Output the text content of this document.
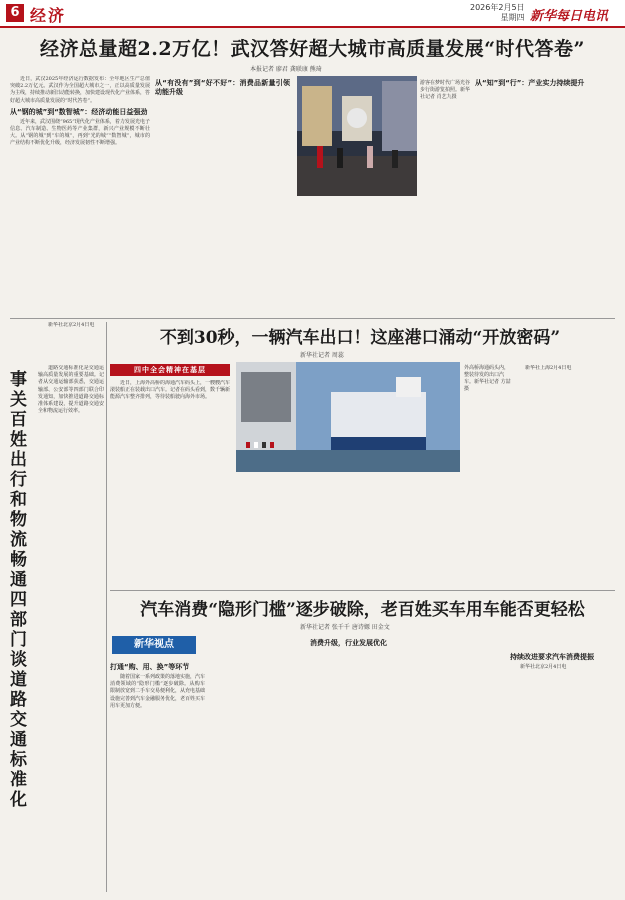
6 经济	2026年2月5日
星期四 新华每日电讯
经济总量超2.2万亿！武汉答好超大城市高质量发展“时代答卷”
本报记者 廖君 龚联康 熊琦

近日，武汉2025年经济运行数据发布：全年地区生产总值突破2.2万亿元。武汉作为全国超大城市之一，正以高质量发展为主线，持续推动新旧动能转换，加快建设现代化产业体系，答好超大城市高质量发展的“时代答卷”。

从“钢的城”到“数智城”：经济动能日益强劲

近年来，武汉围绕“965”现代化产业体系，着力发展光电子信息、汽车制造、生物医药等产业集群，新兴产业规模不断壮大。从“钢的城”到“车的城”，再到“光的城”“数智城”，城市的产业结构不断优化升级，经济发展韧性不断增强。

从“有没有”到“好不好”：消费品新量引领动能升级
游客在梦时代广场光谷步行街游览拍照。新华社记者 肖艺九摄
从“知”到“行”：产业实力持续提升

新华社北京2月4日电

事关百姓出行和物流畅通四部门谈道路交通标准化

道路交通标准化是交通运输高质量发展的重要基础。记者从交通运输部获悉，交通运输部、公安部等四部门联合印发通知，加快推进道路交通标准体系建设，提升道路交通安全和物流运行效率。

不到30秒，一辆汽车出口！这座港口涌动“开放密码”
新华社记者 周蕊
四中全会精神在基层

近日，上海外高桥的海通汽车码头上，一艘艘汽车滚装船正在装载出口汽车。记者在码头看到，数千辆新能源汽车整齐排列，等待装船驶向海外市场。

外高桥海通码头内，整装待发的出口汽车。新华社记者 方喆摄

新华社上海2月4日电

汽车消费“隐形门槛”逐步破除，老百姓买车用车能否更轻松
新华社记者 张千千 唐诗嫄 田金文
新华视点
打通“购、用、换”等环节

随着国家一系列政策的落地实施，汽车消费领域的“隐形门槛”逐步破除。从购车限制放宽到二手车交易便利化，从充电基础设施完善到汽车金融服务优化，老百姓买车用车更加方便。

消费升级，行业发展优化
持续改进要求汽车消费提振

新华社北京2月4日电
